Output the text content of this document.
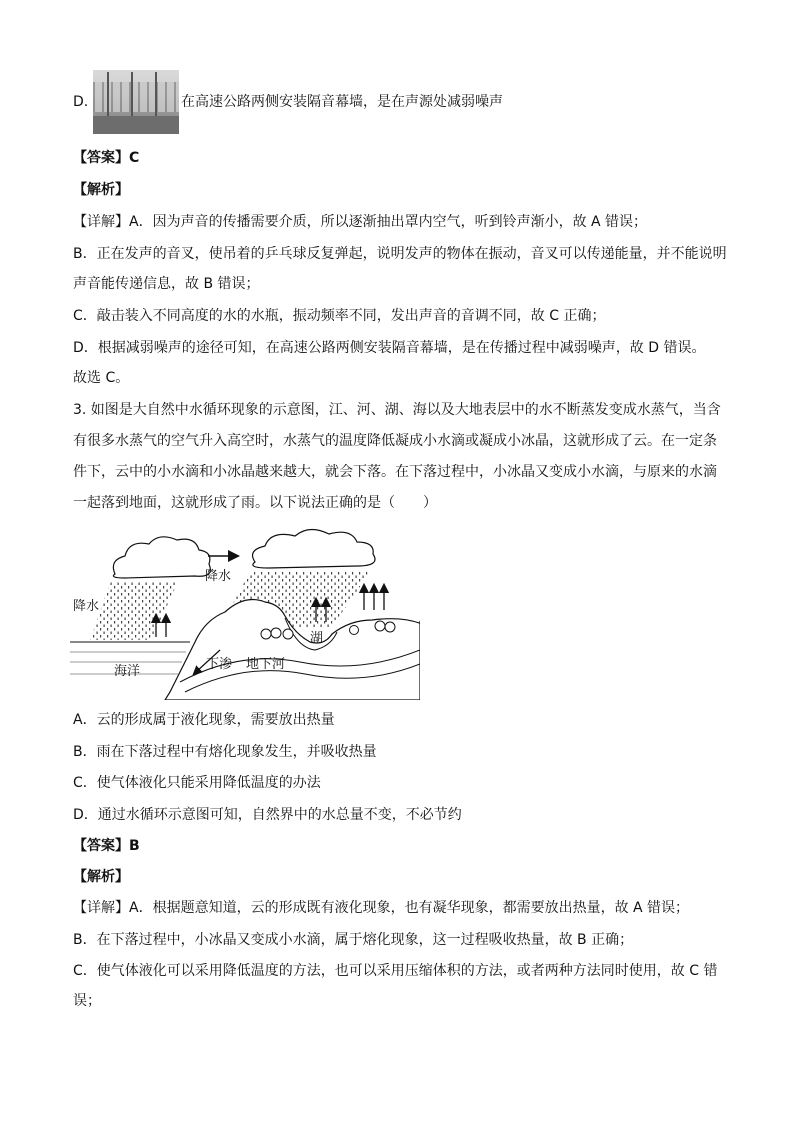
D.	在高速公路两侧安装隔音幕墙，是在声源处减弱噪声
【答案】C
【解析】
【详解】A．因为声音的传播需要介质，所以逐渐抽出罩内空气，听到铃声渐小，故 A 错误；
B．正在发声的音叉，使吊着的乒乓球反复弹起，说明发声的物体在振动，音叉可以传递能量，并不能说明
声音能传递信息，故 B 错误；
C．敲击装入不同高度的水的水瓶，振动频率不同，发出声音的音调不同，故 C 正确；
D．根据减弱噪声的途径可知，在高速公路两侧安装隔音幕墙，是在传播过程中减弱噪声，故 D 错误。
故选 C。
3. 如图是大自然中水循环现象的示意图，江、河、湖、海以及大地表层中的水不断蒸发变成水蒸气，当含
有很多水蒸气的空气升入高空时，水蒸气的温度降低凝成小水滴或凝成小冰晶，这就形成了云。在一定条
件下，云中的小水滴和小冰晶越来越大，就会下落。在下落过程中，小冰晶又变成小水滴，与原来的水滴
一起落到地面，这就形成了雨。以下说法正确的是（　　）
降水
降水
湖
海洋	下渗 地下河
A．云的形成属于液化现象，需要放出热量
B．雨在下落过程中有熔化现象发生，并吸收热量
C．使气体液化只能采用降低温度的办法
D．通过水循环示意图可知，自然界中的水总量不变，不必节约
【答案】B
【解析】
【详解】A．根据题意知道，云的形成既有液化现象，也有凝华现象，都需要放出热量，故 A 错误；
B．在下落过程中，小冰晶又变成小水滴，属于熔化现象，这一过程吸收热量，故 B 正确；
C．使气体液化可以采用降低温度的方法，也可以采用压缩体积的方法，或者两种方法同时使用，故 C 错
误；
